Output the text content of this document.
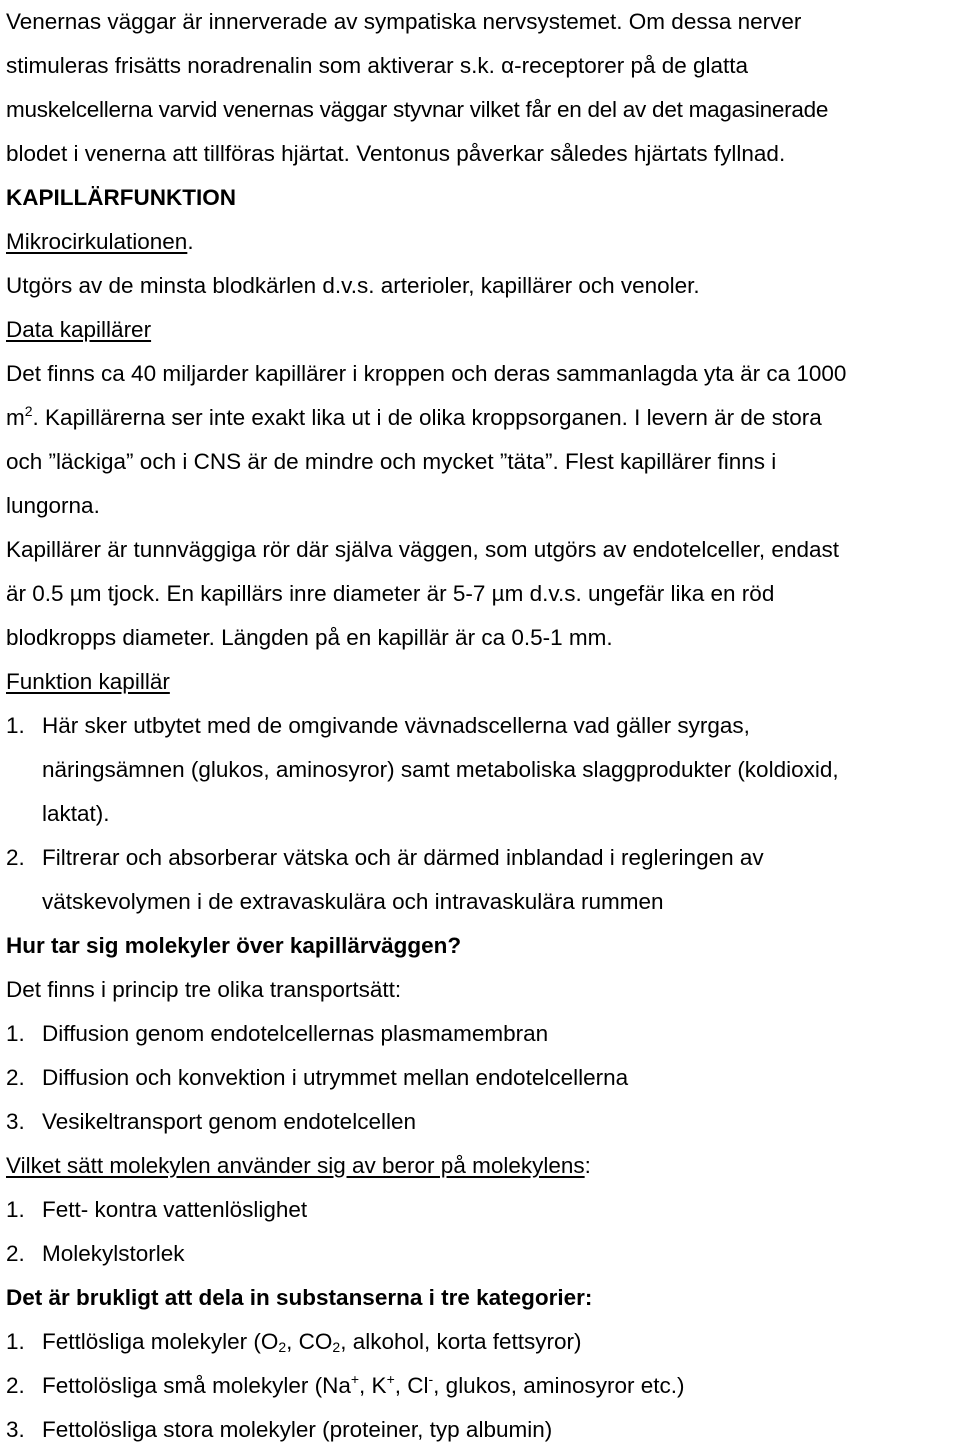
Venernas väggar är innerverade av sympatiska nervsystemet. Om dessa nerver
stimuleras frisätts noradrenalin som aktiverar s.k. α-receptorer på de glatta
muskelcellerna varvid venernas väggar styvnar vilket får en del av det magasinerade
blodet i venerna att tillföras hjärtat. Ventonus påverkar således hjärtats fyllnad.
KAPILLÄRFUNKTION
Mikrocirkulationen.
Utgörs av de minsta blodkärlen d.v.s. arterioler, kapillärer och venoler.
Data kapillärer
Det finns ca 40 miljarder kapillärer i kroppen och deras sammanlagda yta är ca 1000
$m^2$. Kapillärerna ser inte exakt lika ut i de olika kroppsorganen. I levern är de stora
och ”läckiga” och i CNS är de mindre och mycket ”täta”. Flest kapillärer finns i
lungorna.
Kapillärer är tunnväggiga rör där själva väggen, som utgörs av endotelceller, endast
är 0.5 µm tjock. En kapillärs inre diameter är 5-7 µm d.v.s. ungefär lika en röd
blodkropps diameter. Längden på en kapillär är ca 0.5-1 mm.
Funktion kapillär
1. Här sker utbytet med de omgivande vävnadscellerna vad gäller syrgas,
näringsämnen (glukos, aminosyror) samt metaboliska slaggprodukter (koldioxid,
laktat).
2. Filtrerar och absorberar vätska och är därmed inblandad i regleringen av
vätskevolymen i de extravaskulära och intravaskulära rummen
Hur tar sig molekyler över kapillärväggen?
Det finns i princip tre olika transportsätt:
1. Diffusion genom endotelcellernas plasmamembran
2. Diffusion och konvektion i utrymmet mellan endotelcellerna
3. Vesikeltransport genom endotelcellen
Vilket sätt molekylen använder sig av beror på molekylens:
1. Fett- kontra vattenlöslighet
2. Molekylstorlek
Det är brukligt att dela in substanserna i tre kategorier:
1. Fettlösliga molekyler ($O_2$, $CO_2$, alkohol, korta fettsyror)
2. Fettolösliga små molekyler (Na+, K+, Cl-, glukos, aminosyror etc.)
3. Fettolösliga stora molekyler (proteiner, typ albumin)
